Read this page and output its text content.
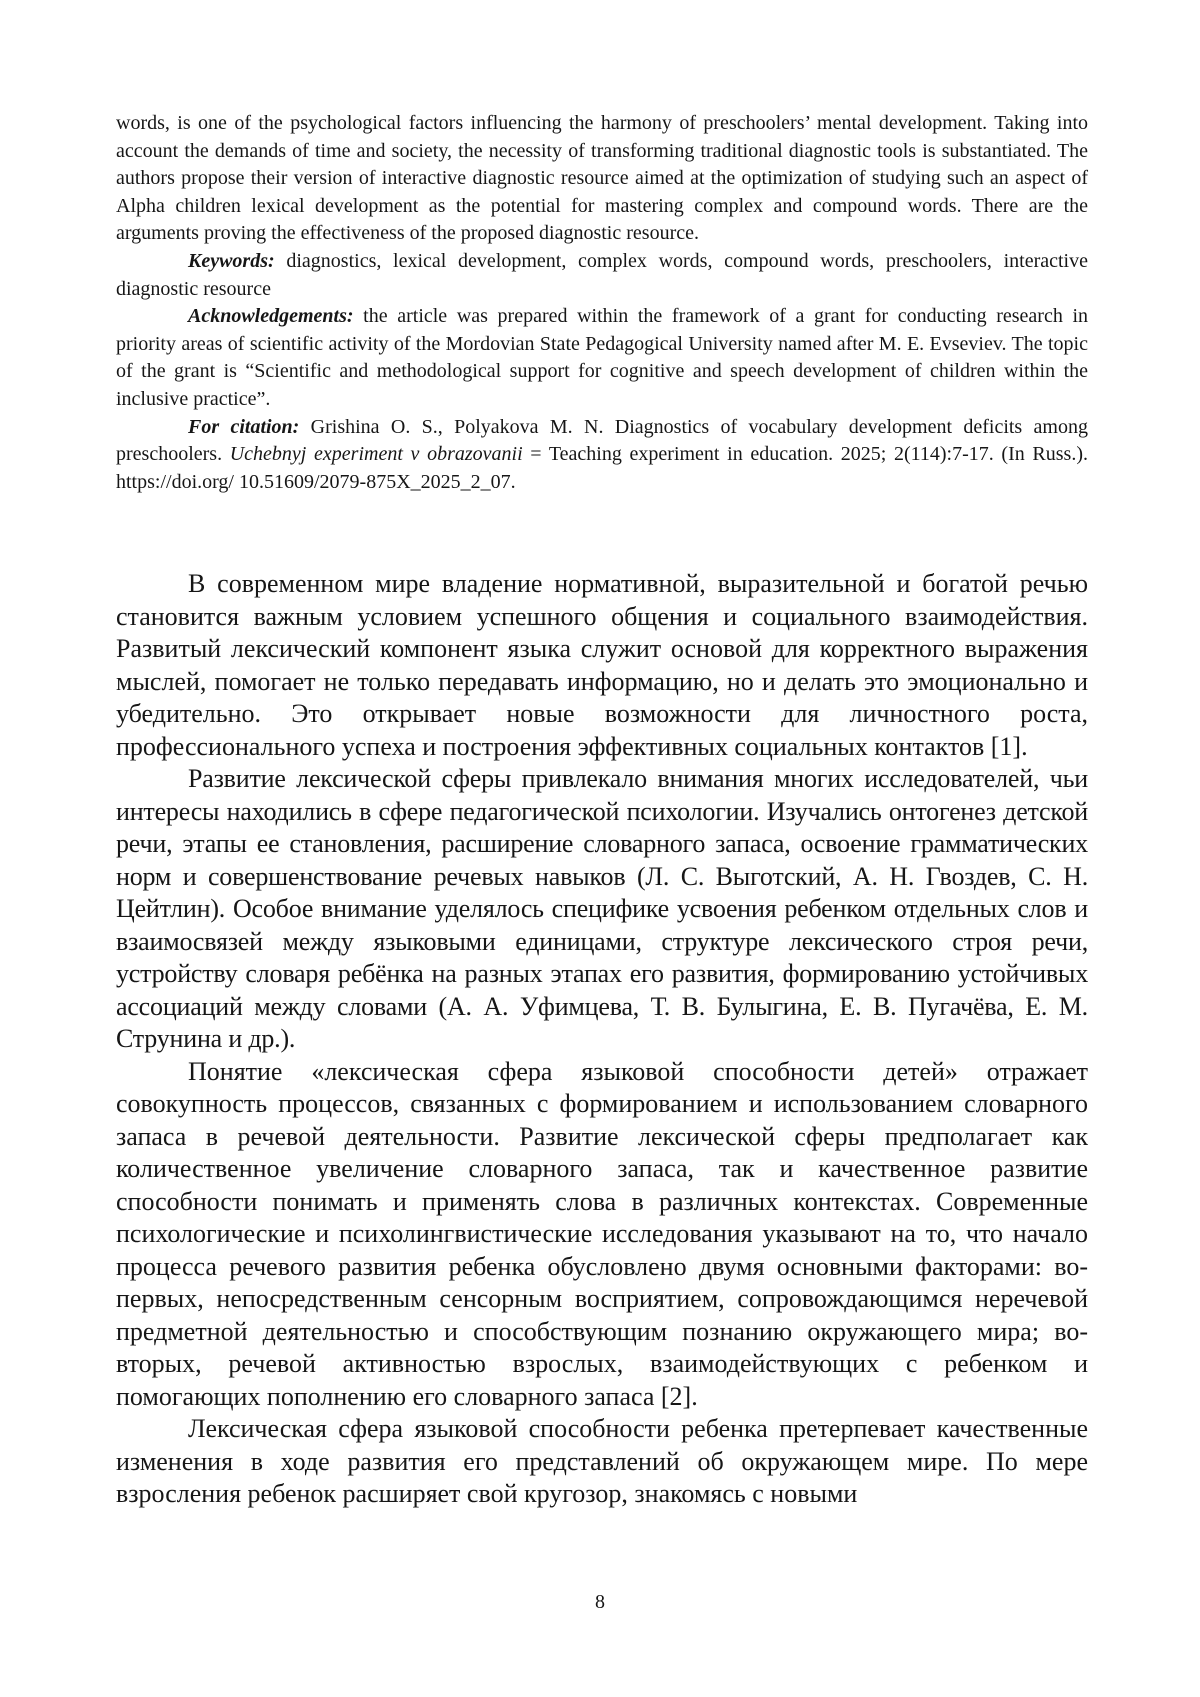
words, is one of the psychological factors influencing the harmony of preschoolers’ mental development. Taking into account the demands of time and society, the necessity of transforming traditional diagnostic tools is substantiated. The authors propose their version of interactive diagnostic resource aimed at the optimization of studying such an aspect of Alpha children lexical development as the potential for mastering complex and compound words. There are the arguments proving the effectiveness of the proposed diagnostic resource.

Keywords: diagnostics, lexical development, complex words, compound words, preschoolers, interactive diagnostic resource

Acknowledgements: the article was prepared within the framework of a grant for conducting research in priority areas of scientific activity of the Mordovian State Pedagogical University named after M. E. Evseviev. The topic of the grant is “Scientific and methodological support for cognitive and speech development of children within the inclusive practice”.

For citation: Grishina O. S., Polyakova M. N. Diagnostics of vocabulary development deficits among preschoolers. Uchebnyj experiment v obrazovanii = Teaching experiment in education. 2025; 2(114):7-17. (In Russ.). https://doi.org/ 10.51609/2079-875X_2025_2_07.

В современном мире владение нормативной, выразительной и богатой речью становится важным условием успешного общения и социального взаимодействия. Развитый лексический компонент языка служит основой для корректного выражения мыслей, помогает не только передавать информацию, но и делать это эмоционально и убедительно. Это открывает новые возможности для личностного роста, профессионального успеха и построения эффективных социальных контактов [1].

Развитие лексической сферы привлекало внимания многих исследователей, чьи интересы находились в сфере педагогической психологии. Изучались онтогенез детской речи, этапы ее становления, расширение словарного запаса, освоение грамматических норм и совершенствование речевых навыков (Л. С. Выготский, А. Н. Гвоздев, С. Н. Цейтлин). Особое внимание уделялось специфике усвоения ребенком отдельных слов и взаимосвязей между языковыми единицами, структуре лексического строя речи, устройству словаря ребёнка на разных этапах его развития, формированию устойчивых ассоциаций между словами (А. А. Уфимцева, Т. В. Булыгина, Е. В. Пугачёва, Е. М. Струнина и др.).

Понятие «лексическая сфера языковой способности детей» отражает совокупность процессов, связанных с формированием и использованием словарного запаса в речевой деятельности. Развитие лексической сферы предполагает как количественное увеличение словарного запаса, так и качественное развитие способности понимать и применять слова в различных контекстах. Современные психологические и психолингвистические исследования указывают на то, что начало процесса речевого развития ребенка обусловлено двумя основными факторами: во-первых, непосредственным сенсорным восприятием, сопровождающимся неречевой предметной деятельностью и способствующим познанию окружающего мира; во-вторых, речевой активностью взрослых, взаимодействующих с ребенком и помогающих пополнению его словарного запаса [2].

Лексическая сфера языковой способности ребенка претерпевает качественные изменения в ходе развития его представлений об окружающем мире. По мере взросления ребенок расширяет свой кругозор, знакомясь с новыми

8
